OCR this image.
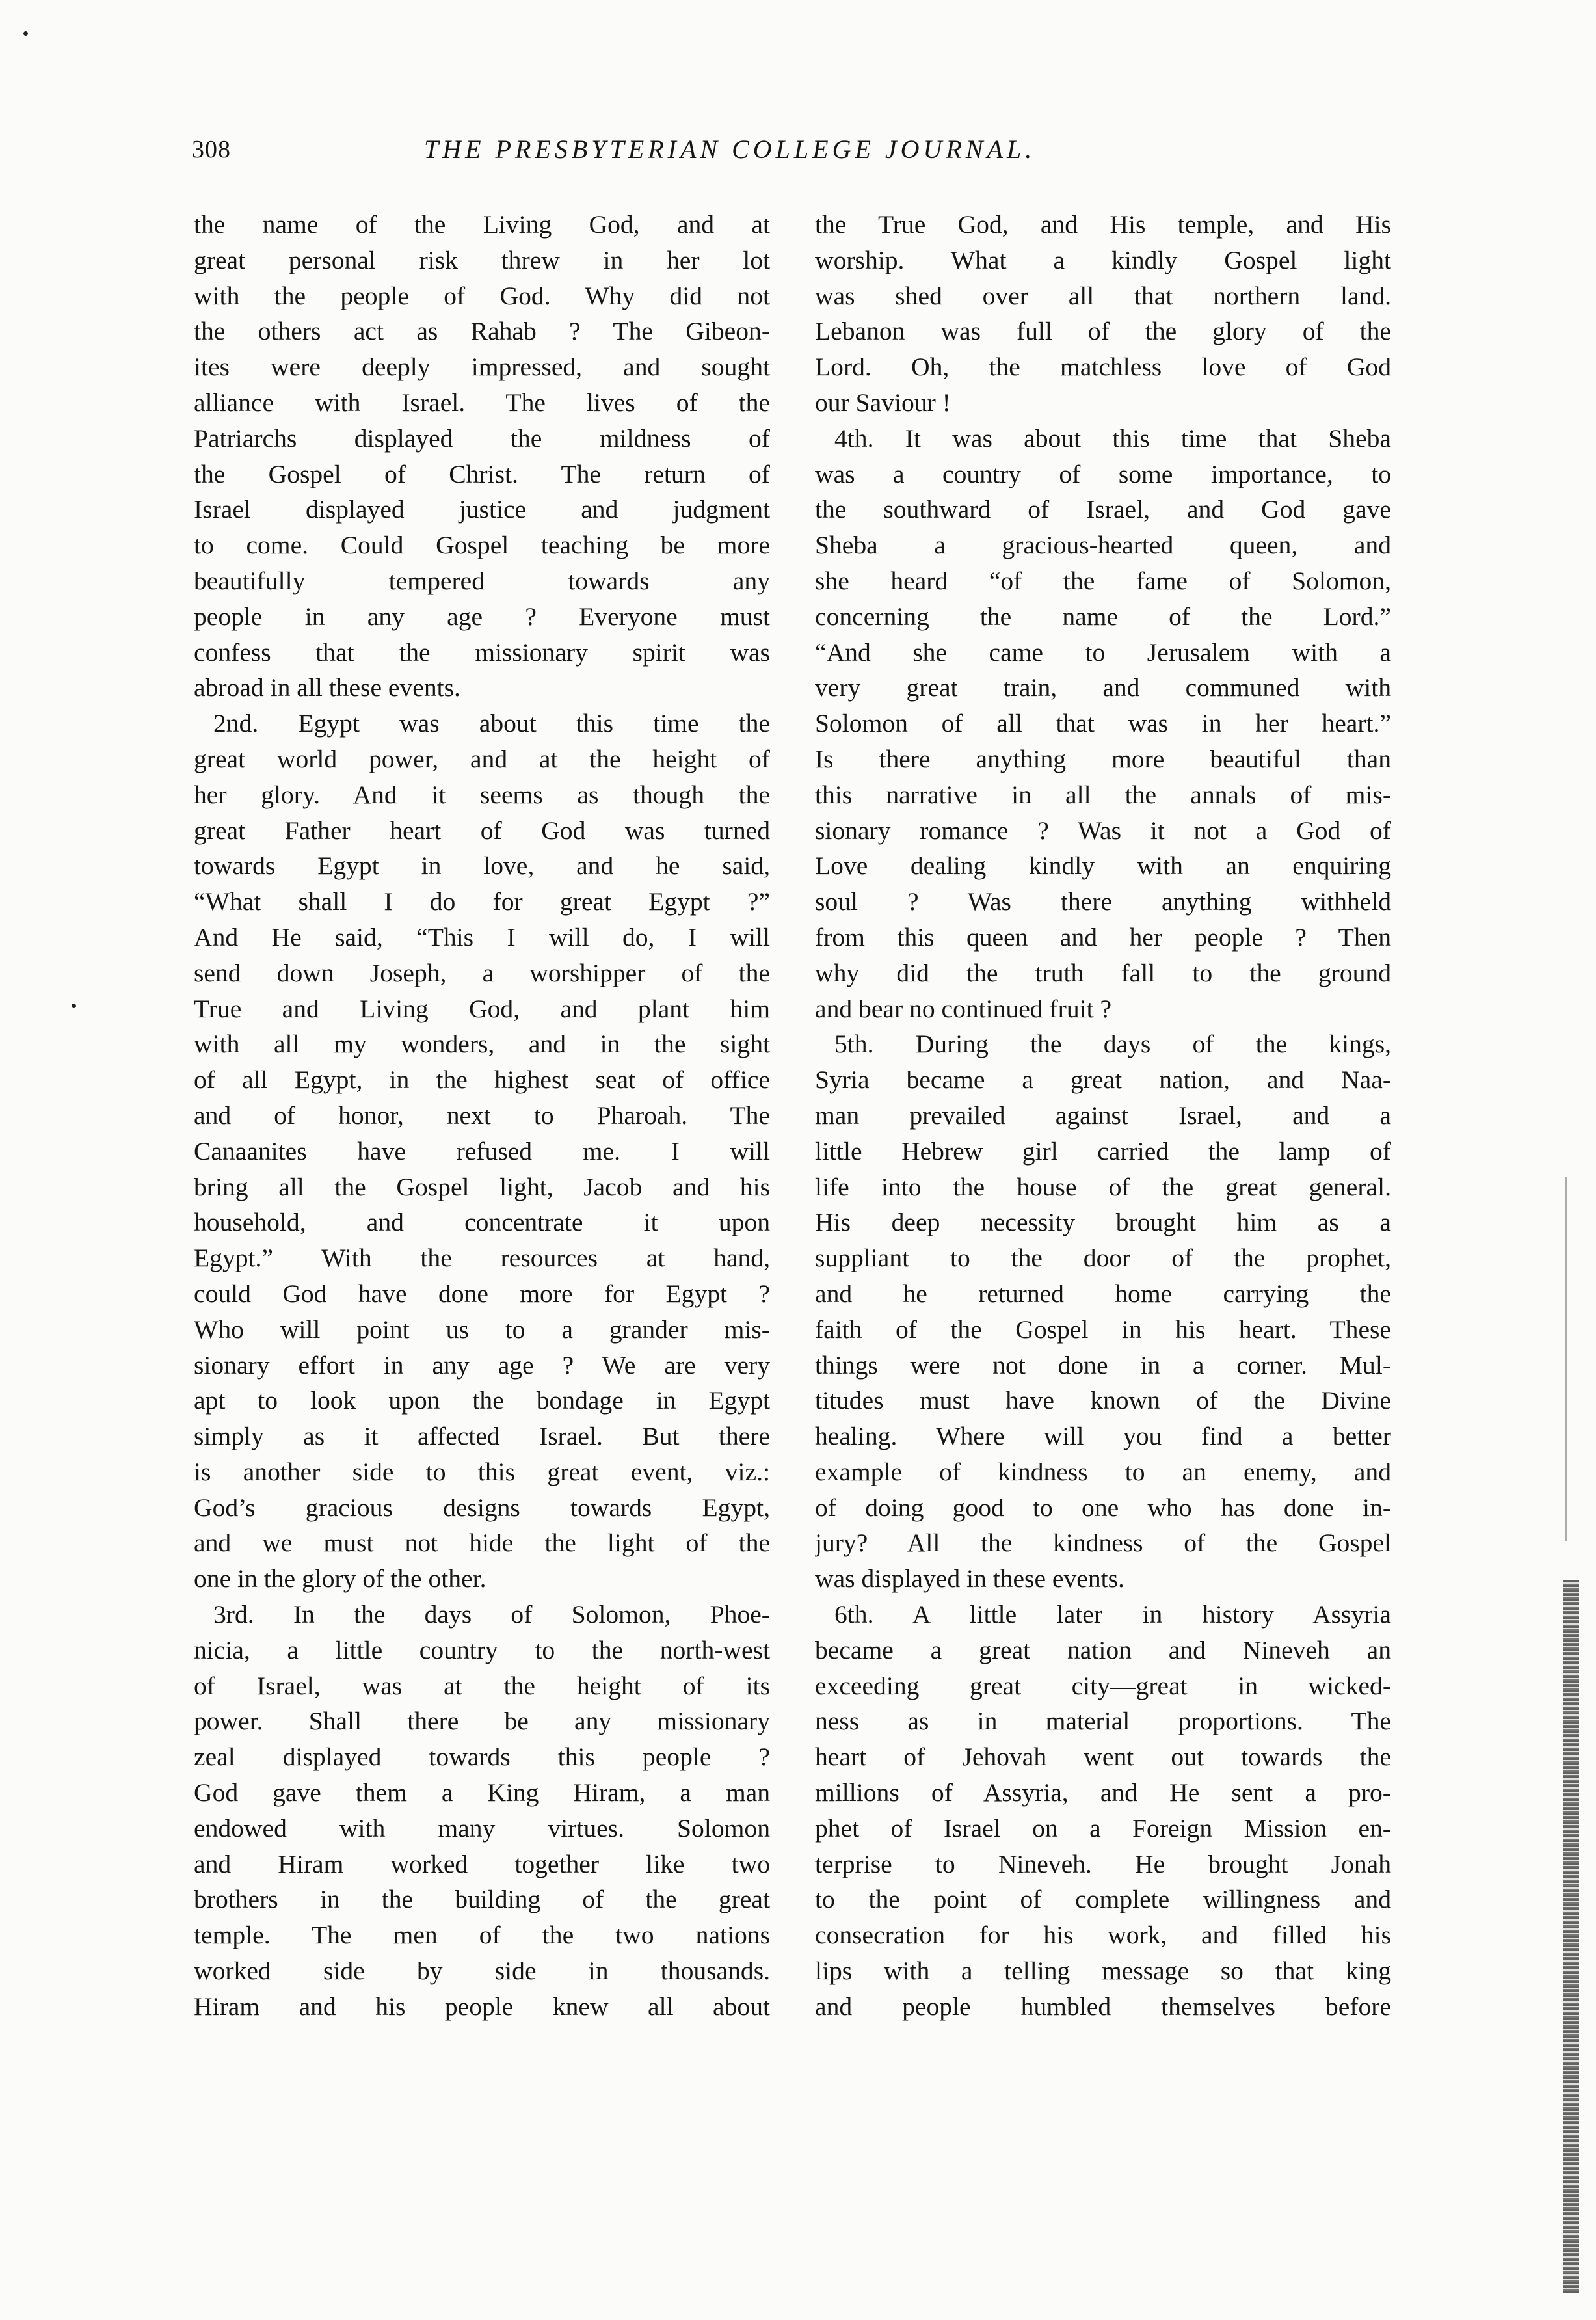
308	THE PRESBYTERIAN COLLEGE JOURNAL.
the name of the Living God, and at
great personal risk threw in her lot
with the people of God. Why did not
the others act as Rahab ? The Gibeon-
ites were deeply impressed, and sought
alliance with Israel. The lives of the
Patriarchs displayed the mildness of
the Gospel of Christ. The return of
Israel displayed justice and judgment
to come. Could Gospel teaching be more
beautifully tempered towards any
people in any age ? Everyone must
confess that the missionary spirit was
abroad in all these events.
2nd. Egypt was about this time the
great world power, and at the height of
her glory. And it seems as though the
great Father heart of God was turned
towards Egypt in love, and he said,
“What shall I do for great Egypt ?”
And He said, “This I will do, I will
send down Joseph, a worshipper of the
True and Living God, and plant him
with all my wonders, and in the sight
of all Egypt, in the highest seat of office
and of honor, next to Pharoah. The
Canaanites have refused me. I will
bring all the Gospel light, Jacob and his
household, and concentrate it upon
Egypt.” With the resources at hand,
could God have done more for Egypt ?
Who will point us to a grander mis-
sionary effort in any age ? We are very
apt to look upon the bondage in Egypt
simply as it affected Israel. But there
is another side to this great event, viz.:
God’s gracious designs towards Egypt,
and we must not hide the light of the
one in the glory of the other.
3rd. In the days of Solomon, Phoe-
nicia, a little country to the north-west
of Israel, was at the height of its
power. Shall there be any missionary
zeal displayed towards this people ?
God gave them a King Hiram, a man
endowed with many virtues. Solomon
and Hiram worked together like two
brothers in the building of the great
temple. The men of the two nations
worked side by side in thousands.
Hiram and his people knew all about
the True God, and His temple, and His
worship. What a kindly Gospel light
was shed over all that northern land.
Lebanon was full of the glory of the
Lord. Oh, the matchless love of God
our Saviour !
4th. It was about this time that Sheba
was a country of some importance, to
the southward of Israel, and God gave
Sheba a gracious-hearted queen, and
she heard “of the fame of Solomon,
concerning the name of the Lord.”
“And she came to Jerusalem with a
very great train, and communed with
Solomon of all that was in her heart.”
Is there anything more beautiful than
this narrative in all the annals of mis-
sionary romance ? Was it not a God of
Love dealing kindly with an enquiring
soul ? Was there anything withheld
from this queen and her people ? Then
why did the truth fall to the ground
and bear no continued fruit ?
5th. During the days of the kings,
Syria became a great nation, and Naa-
man prevailed against Israel, and a
little Hebrew girl carried the lamp of
life into the house of the great general.
His deep necessity brought him as a
suppliant to the door of the prophet,
and he returned home carrying the
faith of the Gospel in his heart. These
things were not done in a corner. Mul-
titudes must have known of the Divine
healing. Where will you find a better
example of kindness to an enemy, and
of doing good to one who has done in-
jury? All the kindness of the Gospel
was displayed in these events.
6th. A little later in history Assyria
became a great nation and Nineveh an
exceeding great city—great in wicked-
ness as in material proportions. The
heart of Jehovah went out towards the
millions of Assyria, and He sent a pro-
phet of Israel on a Foreign Mission en-
terprise to Nineveh. He brought Jonah
to the point of complete willingness and
consecration for his work, and filled his
lips with a telling message so that king
and people humbled themselves before
